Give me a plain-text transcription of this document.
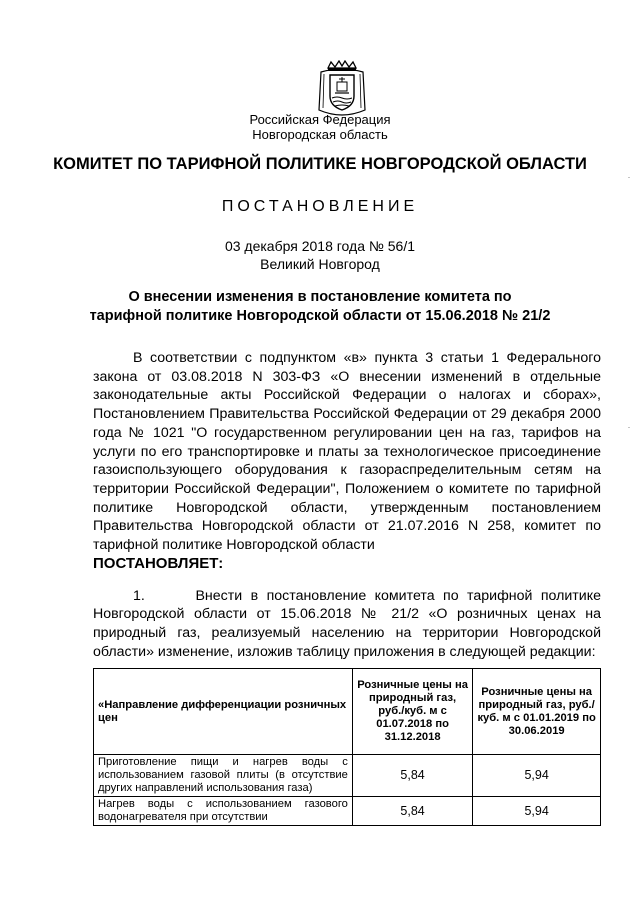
Российская Федерация
Новгородская область
КОМИТЕТ ПО ТАРИФНОЙ ПОЛИТИКЕ НОВГОРОДСКОЙ ОБЛАСТИ
ПОСТАНОВЛЕНИЕ
03 декабря 2018 года № 56/1
Великий Новгород
О внесении изменения в постановление комитета по
тарифной политике Новгородской области от 15.06.2018 № 21/2
.
.

В соответствии с подпунктом «в» пункта 3 статьи 1 Федерального закона от 03.08.2018 N 303-ФЗ «О внесении изменений в отдельные законодательные акты Российской Федерации о налогах и сборах», Постановлением Правительства Российской Федерации от 29 декабря 2000 года № 1021 "О государственном регулировании цен на газ, тарифов на услуги по его транспортировке и платы за технологическое присоединение газоиспользующего оборудования к газораспределительным сетям на территории Российской Федерации", Положением о комитете по тарифной политике Новгородской области, утвержденным постановлением Правительства Новгородской области от 21.07.2016 N 258, комитет по тарифной политике Новгородской области

ПОСТАНОВЛЯЕТ:

1.      Внести в постановление комитета по тарифной политике Новгородской области от 15.06.2018 № 21/2 «О розничных ценах на природный газ, реализуемый населению на территории Новгородской области» изменение, изложив таблицу приложения в следующей редакции:

«Направление дифференциации розничных цен	Розничные цены на природный газ, руб./куб. м с 01.07.2018 по 31.12.2018	Розничные цены на природный газ, руб./куб. м с 01.01.2019 по 30.06.2019
Приготовление пищи и нагрев воды с использованием газовой плиты (в отсутствие других направлений использования газа)	5,84	5,94
Нагрев воды с использованием газового водонагревателя при отсутствии	5,84	5,94
